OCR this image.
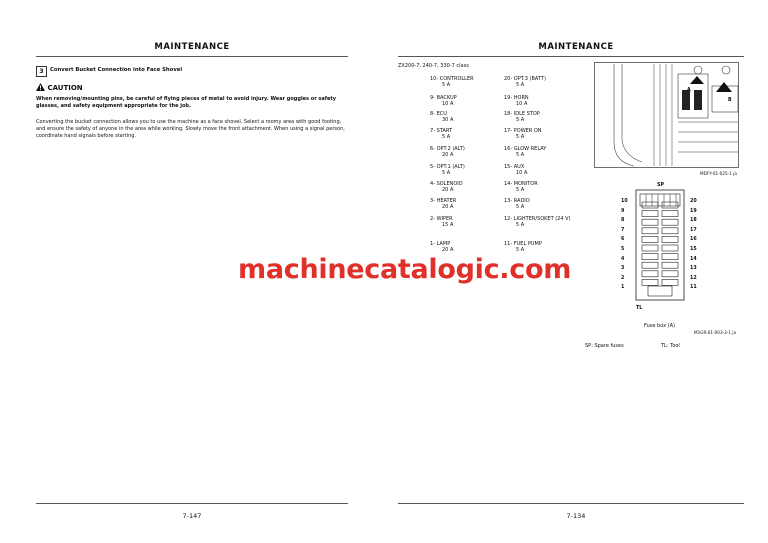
MAINTENANCE
3	Convert Bucket Connection into Face Shovel
CAUTION
When removing/mounting pins, be careful of flying pieces of metal to avoid injury. Wear goggles or safety glasses, and safety equipment appropriate for the job.
Converting the bucket connection allows you to use the machine as a face shovel. Select a roomy area with good footing, and ensure the safety of anyone in the area while working. Slowly move the front attachment. When using a signal person, coordinate hand signals before starting.
7-147
MAINTENANCE
ZX200-7, 240-7, 330-7 class
10- CONTROLLER
5 A
9- BACKUP
10 A
8- ECU
30 A
7- START
5 A
6- OPT.2 (ALT)
20 A
5- OPT.1 (ALT)
5 A
4- SOLENOID
20 A
3- HEATER
20 A
2- WIPER
15 A
1- LAMP
20 A
20- OPT.3 (BATT)
5 A
19- HORN
10 A
18- IDLE STOP
5 A
17- POWER ON
5 A
16- GLOW RELAY
5 A
15- AUX
10 A
14- MONITOR
5 A
13- RADIO
5 A
12- LIGHTER/SOKET (24 V)
5 A
11- FUEL PUMP
5 A
A
B
MDFY-01-025-1 ja
SP
10
9
8
7
6
5
4
3
2
1
20
19
18
17
16
15
14
13
12
11
TL
Fuse box (A)
M1GR-01-003-3-1 ja
SP: Spare fuses	TL: Tool
7-134
machinecatalogic.com
